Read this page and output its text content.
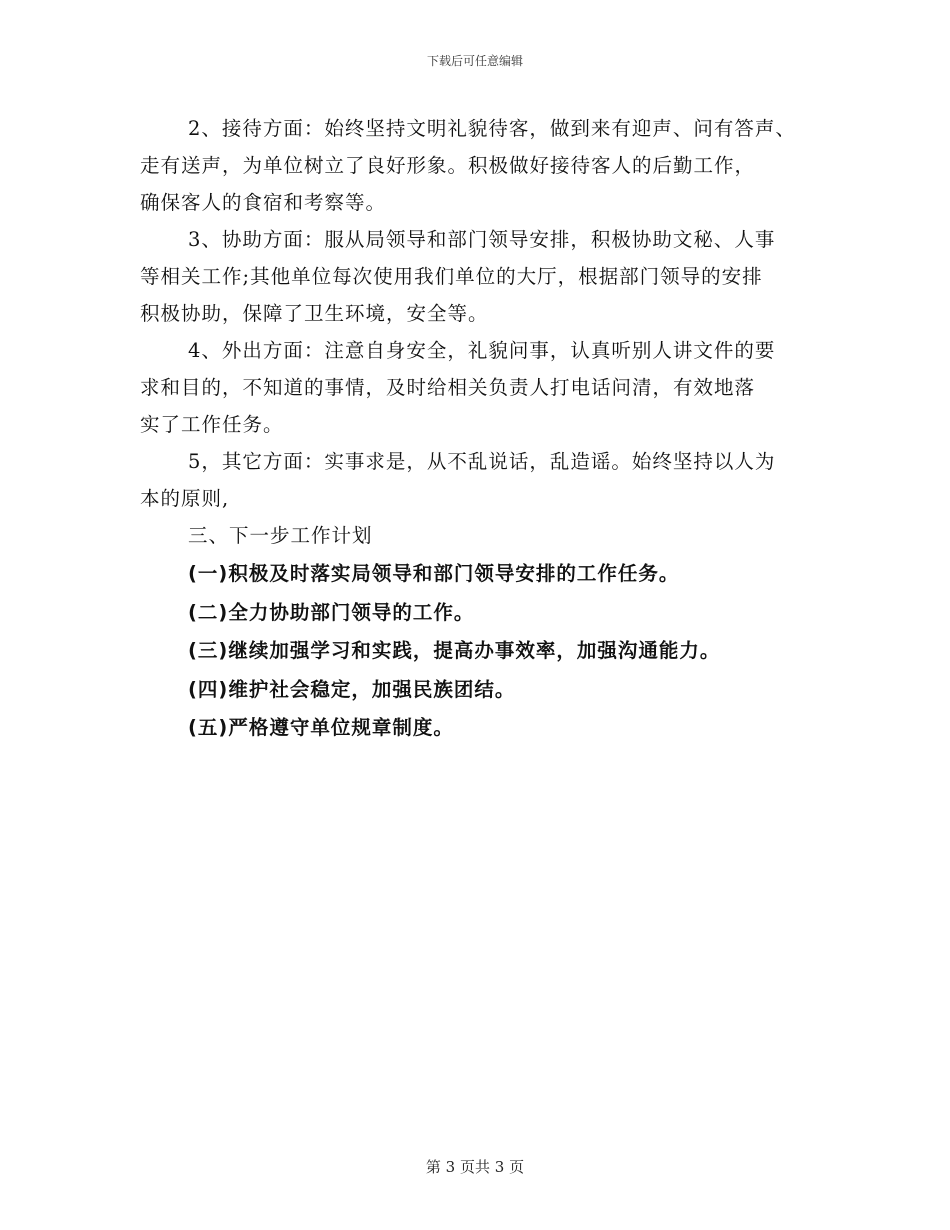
下载后可任意编辑
2、接待方面：始终坚持文明礼貌待客，做到来有迎声、问有答声、
走有送声，为单位树立了良好形象。积极做好接待客人的后勤工作，
确保客人的食宿和考察等。
3、协助方面：服从局领导和部门领导安排，积极协助文秘、人事
等相关工作;其他单位每次使用我们单位的大厅，根据部门领导的安排
积极协助，保障了卫生环境，安全等。
4、外出方面：注意自身安全，礼貌问事，认真听别人讲文件的要
求和目的，不知道的事情，及时给相关负责人打电话问清，有效地落
实了工作任务。
5，其它方面：实事求是，从不乱说话，乱造谣。始终坚持以人为
本的原则,

三、下一步工作计划

(一)积极及时落实局领导和部门领导安排的工作任务。

(二)全力协助部门领导的工作。

(三)继续加强学习和实践，提高办事效率，加强沟通能力。

(四)维护社会稳定，加强民族团结。

(五)严格遵守单位规章制度。

第 3 页共 3 页
